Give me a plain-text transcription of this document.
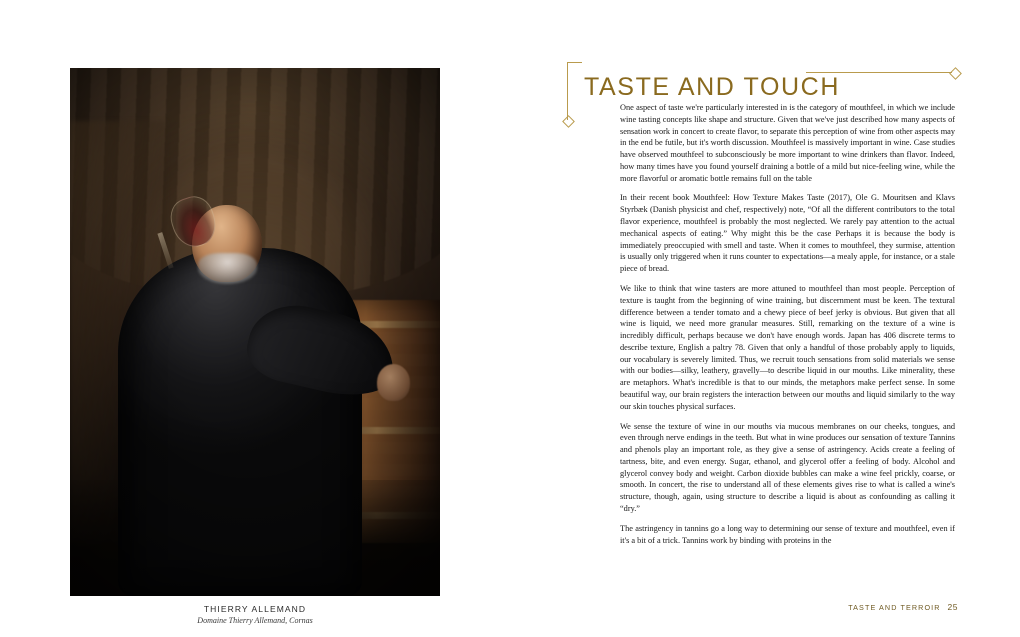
THIERRY ALLEMAND
Domaine Thierry Allemand, Cornas
TASTE AND TOUCH

One aspect of taste we're particularly interested in is the category of mouthfeel, in which we include wine tasting concepts like shape and structure. Given that we've just described how many aspects of sensation work in concert to create flavor, to separate this perception of wine from other aspects may in the end be futile, but it's worth discussion. Mouthfeel is massively important in wine. Case studies have observed mouthfeel to subconsciously be more important to wine drinkers than flavor. Indeed, how many times have you found yourself draining a bottle of a mild but nice-feeling wine, while the more flavorful or aromatic bottle remains full on the table

In their recent book Mouthfeel: How Texture Makes Taste (2017), Ole G. Mouritsen and Klavs Styrbæk (Danish physicist and chef, respectively) note, “Of all the different contributors to the total flavor experience, mouthfeel is probably the most neglected. We rarely pay attention to the actual mechanical aspects of eating.” Why might this be the case Perhaps it is because the body is immediately preoccupied with smell and taste. When it comes to mouthfeel, they surmise, attention is usually only triggered when it runs counter to expectations—a mealy apple, for instance, or a stale piece of bread.

We like to think that wine tasters are more attuned to mouthfeel than most people. Perception of texture is taught from the beginning of wine training, but discernment must be keen. The textural difference between a tender tomato and a chewy piece of beef jerky is obvious. But given that all wine is liquid, we need more granular measures. Still, remarking on the texture of a wine is incredibly difficult, perhaps because we don't have enough words. Japan has 406 discrete terms to describe texture, English a paltry 78. Given that only a handful of those probably apply to liquids, our vocabulary is severely limited. Thus, we recruit touch sensations from solid materials we sense with our bodies—silky, leathery, gravelly—to describe liquid in our mouths. Like minerality, these are metaphors. What's incredible is that to our minds, the metaphors make perfect sense. In some beautiful way, our brain registers the interaction between our mouths and liquid similarly to the way our skin touches physical surfaces.

We sense the texture of wine in our mouths via mucous membranes on our cheeks, tongues, and even through nerve endings in the teeth. But what in wine produces our sensation of texture Tannins and phenols play an important role, as they give a sense of astringency. Acids create a feeling of tartness, bite, and even energy. Sugar, ethanol, and glycerol offer a feeling of body. Alcohol and glycerol convey body and weight. Carbon dioxide bubbles can make a wine feel prickly, coarse, or smooth. In concert, the rise to understand all of these elements gives rise to what is called a wine's structure, though, again, using structure to describe a liquid is about as confounding as calling it “dry.”

The astringency in tannins go a long way to determining our sense of texture and mouthfeel, even if it's a bit of a trick. Tannins work by binding with proteins in the

TASTE AND TERROIR 25
